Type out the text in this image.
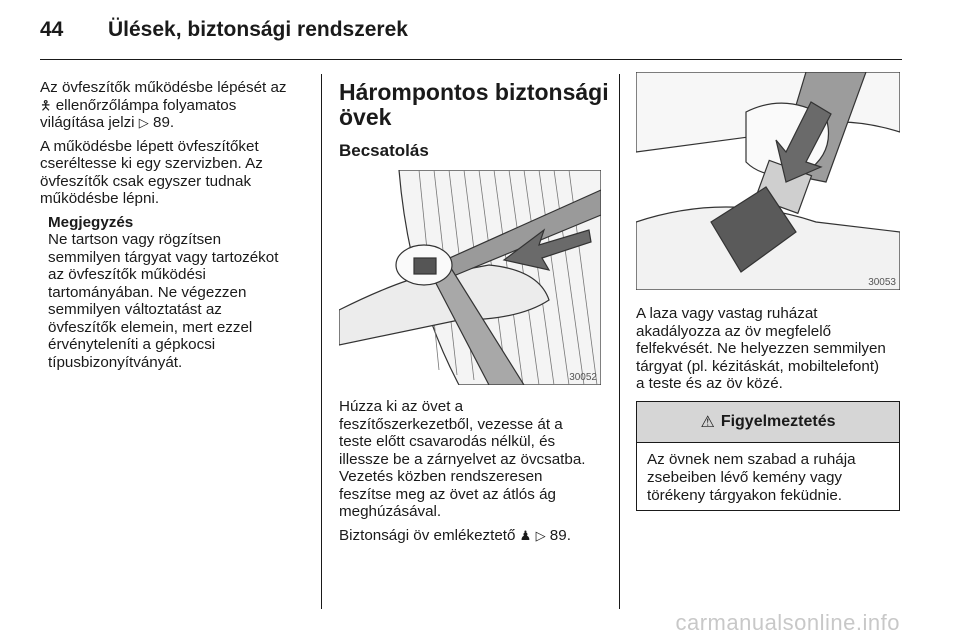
44 Ülések, biztonsági rendszerek

Az övfeszítők működésbe lépését az
🯅 ellenőrzőlámpa folyamatos
világítása jelzi ▷ 89.

A működésbe lépett övfeszítőket
cseréltesse ki egy szervizben. Az
övfeszítők csak egyszer tudnak
működésbe lépni.

Megjegyzés
Ne tartson vagy rögzítsen
semmilyen tárgyat vagy tartozékot
az övfeszítők működési
tartományában. Ne végezzen
semmilyen változtatást az
övfeszítők elemein, mert ezzel
érvényteleníti a gépkocsi
típusbizonyítványát.
Hárompontos biztonsági
övek
Becsatolás
30052

Húzza ki az övet a
feszítőszerkezetből, vezesse át a
teste előtt csavarodás nélkül, és
illessze be a zárnyelvet az övcsatba.
Vezetés közben rendszeresen
feszítse meg az övet az átlós ág
meghúzásával.

Biztonsági öv emlékeztető ♟ ▷ 89.

30053

A laza vagy vastag ruházat
akadályozza az öv megfelelő
felfekvését. Ne helyezzen semmilyen
tárgyat (pl. kézitáskát, mobiltelefont)
a teste és az öv közé.

⚠ Figyelmeztetés
Az övnek nem szabad a ruhája
zsebeiben lévő kemény vagy
törékeny tárgyakon feküdnie.
carmanualsonline.info
